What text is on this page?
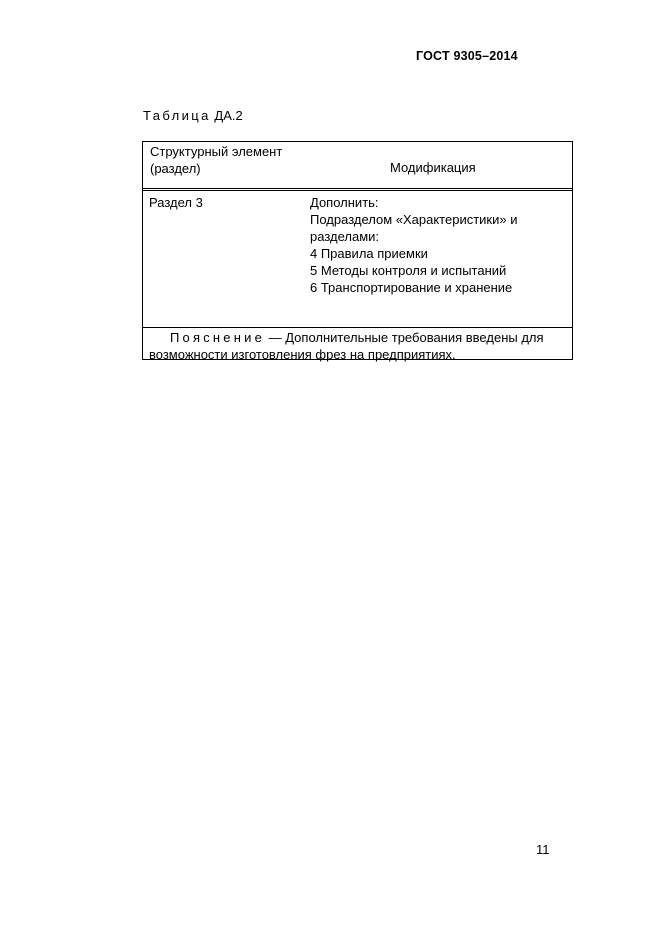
ГОСТ 9305–2014
Таблица ДА.2
Структурный элемент (раздел)	Модификация
Раздел 3	Дополнить:
Подразделом «Характеристики» и
разделами:
4 Правила приемки
5 Методы контроля и испытаний
6 Транспортирование и хранение
Пояснение — Дополнительные требования введены для возможности изготовления фрез на предприятиях.
11
